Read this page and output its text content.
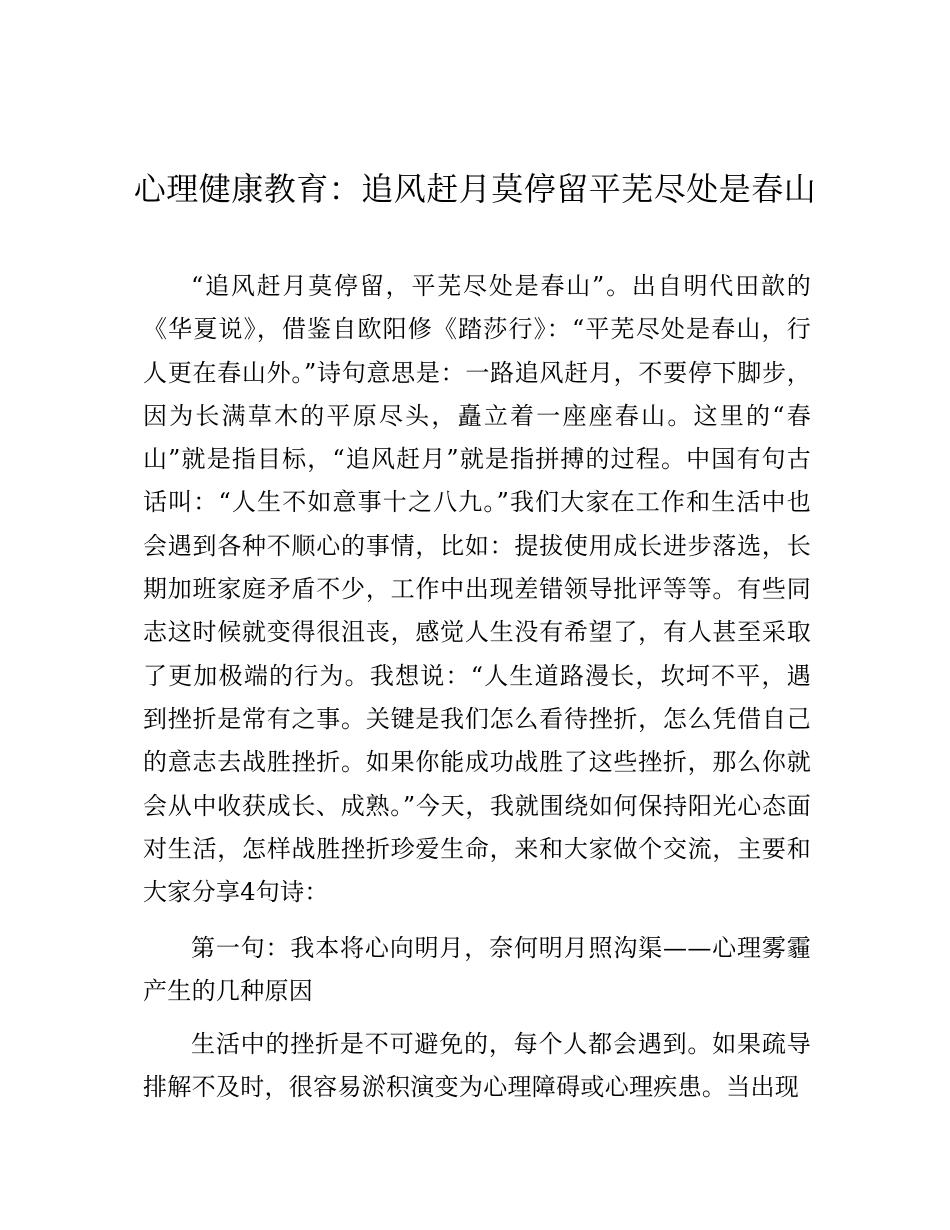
心理健康教育：追风赶月莫停留平芜尽处是春山

“追风赶月莫停留，平芜尽处是春山”。出自明代田歆的《华夏说》，借鉴自欧阳修《踏莎行》：“平芜尽处是春山，行人更在春山外。”诗句意思是：一路追风赶月，不要停下脚步，因为长满草木的平原尽头，矗立着一座座春山。这里的“春山”就是指目标，“追风赶月”就是指拼搏的过程。中国有句古话叫：“人生不如意事十之八九。”我们大家在工作和生活中也会遇到各种不顺心的事情，比如：提拔使用成长进步落选，长期加班家庭矛盾不少，工作中出现差错领导批评等等。有些同志这时候就变得很沮丧，感觉人生没有希望了，有人甚至采取了更加极端的行为。我想说：“人生道路漫长，坎坷不平，遇到挫折是常有之事。关键是我们怎么看待挫折，怎么凭借自己的意志去战胜挫折。如果你能成功战胜了这些挫折，那么你就会从中收获成长、成熟。”今天，我就围绕如何保持阳光心态面对生活，怎样战胜挫折珍爱生命，来和大家做个交流，主要和大家分享4句诗：

第一句：我本将心向明月，奈何明月照沟渠——心理雾霾产生的几种原因

生活中的挫折是不可避免的，每个人都会遇到。如果疏导排解不及时，很容易淤积演变为心理障碍或心理疾患。当出现
